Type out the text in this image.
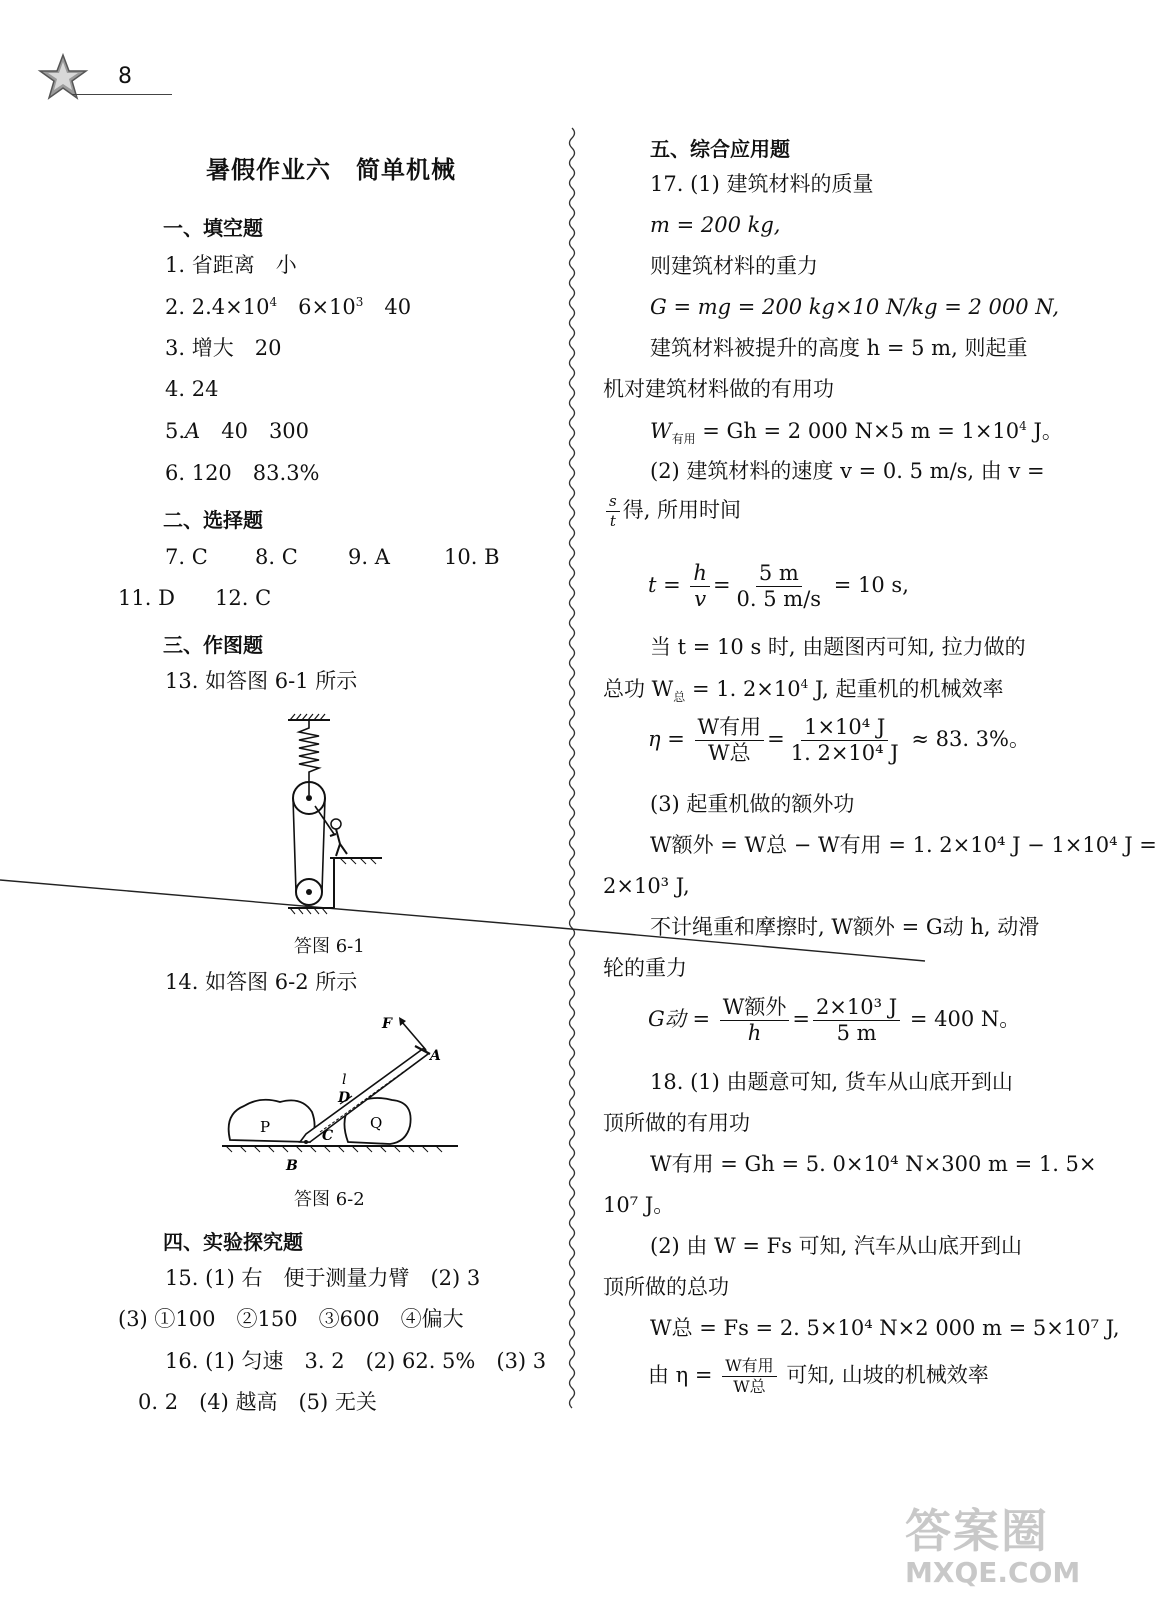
8
暑假作业六　简单机械
一、填空题
1. 省距离　小
2. $2.4\times 10^4$　$6\times 10^3$　40
3. 增大　20
4. 24
5.A　40　300
6. 120　83.3%
二、选择题
7. C 8. C 9. A	10. B
11. D 12. C
三、作图题
13. 如答图 6-1 所示
答图 6-1
14. 如答图 6-2 所示
F
A
l
D
P	Q
C
B
答图 6-2
四、实验探究题
15. (1) 右　便于测量力臂　(2) 3
(3) ①100　②150　③600　④偏大
16. (1) 匀速　3. 2　(2) 62. 5%　(3) 3
0. 2　(4) 越高　(5) 无关
五、综合应用题
17. (1) 建筑材料的质量
m = 200 kg,
则建筑材料的重力
G = mg = 200 kg×10 N/kg = 2 000 N,
建筑材料被提升的高度 h = 5 m, 则起重
机对建筑材料做的有用功
$W_{有用} = Gh = 2$ 000 N×5 $m = 1\times 10^4$ J。
(2) 建筑材料的速度 v = 0. 5 m/s, 由 v =
$\frac{s}{t}$ 得, 所用时间
$t = \frac{h}{v} = \frac{5 m}{0. 5 m/s} = 10$ s,
当 t = 10 s 时, 由题图丙可知, 拉力做的
总功 $W_总 = 1$. $2\times 10^4$ J, 起重机的机械效率
$\eta = \frac{\text{W有用}}{\text{W总}} = \frac{\text{1×10⁴ J}}{\text{1. 2×10⁴ J}} \approx 83$. 3%。
(3) 起重机做的额外功
W额外 = W总 − W有用 = 1. 2×10⁴ J − 1×10⁴ J =
2×10³ J,
不计绳重和摩擦时, W额外 = G动 h, 动滑
轮的重力
G动 = $\frac{\text{W额外}}{h} = \frac{\text{2×10³ J}}{5 m} = 400$ N。
18. (1) 由题意可知, 货车从山底开到山
顶所做的有用功
W有用 = Gh = 5. 0×10⁴ N×300 m = 1. 5×
10⁷ J。
(2) 由 W = Fs 可知, 汽车从山底开到山
顶所做的总功
W总 = Fs = 2. 5×10⁴ N×2 000 m = 5×10⁷ J,
由 $\eta = \frac{\text{W有用}}{\text{W总}}$ 可知, 山坡的机械效率
答案圈
MXQE.COM
